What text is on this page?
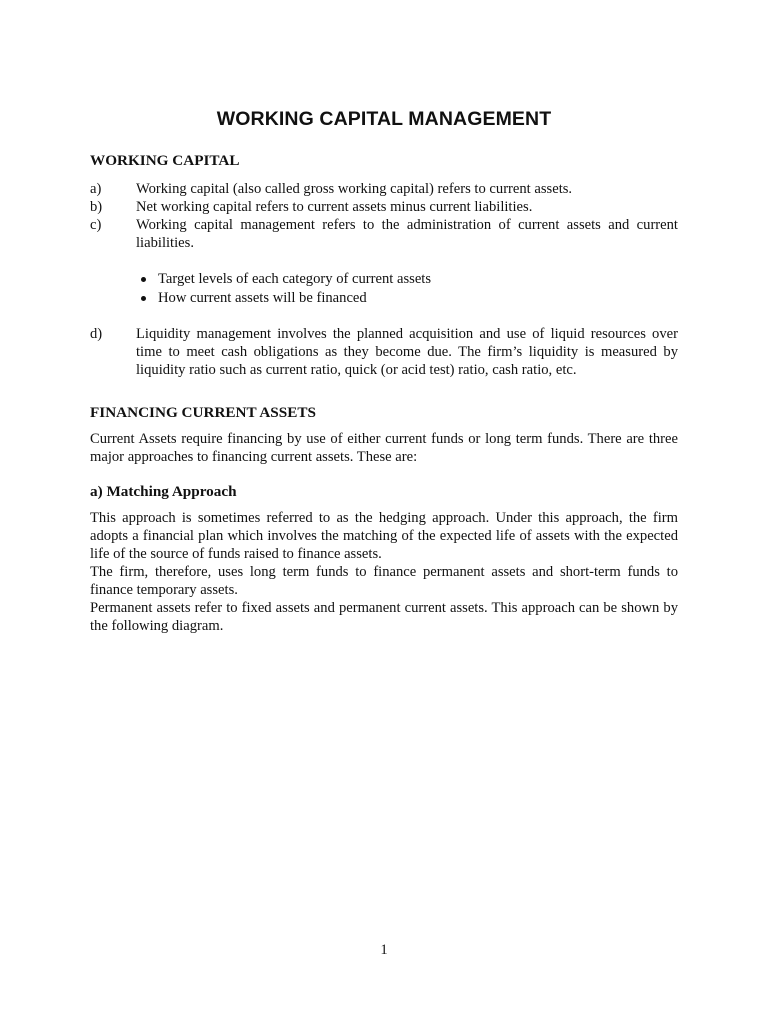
WORKING CAPITAL MANAGEMENT
WORKING CAPITAL
a) Working capital (also called gross working capital) refers to current assets.
b) Net working capital refers to current assets minus current liabilities.
c) Working capital management refers to the administration of current assets and current liabilities.
Target levels of each category of current assets
How current assets will be financed
d) Liquidity management involves the planned acquisition and use of liquid resources over time to meet cash obligations as they become due. The firm’s liquidity is measured by liquidity ratio such as current ratio, quick (or acid test) ratio, cash ratio, etc.
FINANCING CURRENT ASSETS

Current Assets require financing by use of either current funds or long term funds. There are three major approaches to financing current assets. These are:

a) Matching Approach

This approach is sometimes referred to as the hedging approach. Under this approach, the firm adopts a financial plan which involves the matching of the expected life of assets with the expected life of the source of funds raised to finance assets.

The firm, therefore, uses long term funds to finance permanent assets and short-term funds to finance temporary assets.

Permanent assets refer to fixed assets and permanent current assets. This approach can be shown by the following diagram.

1
